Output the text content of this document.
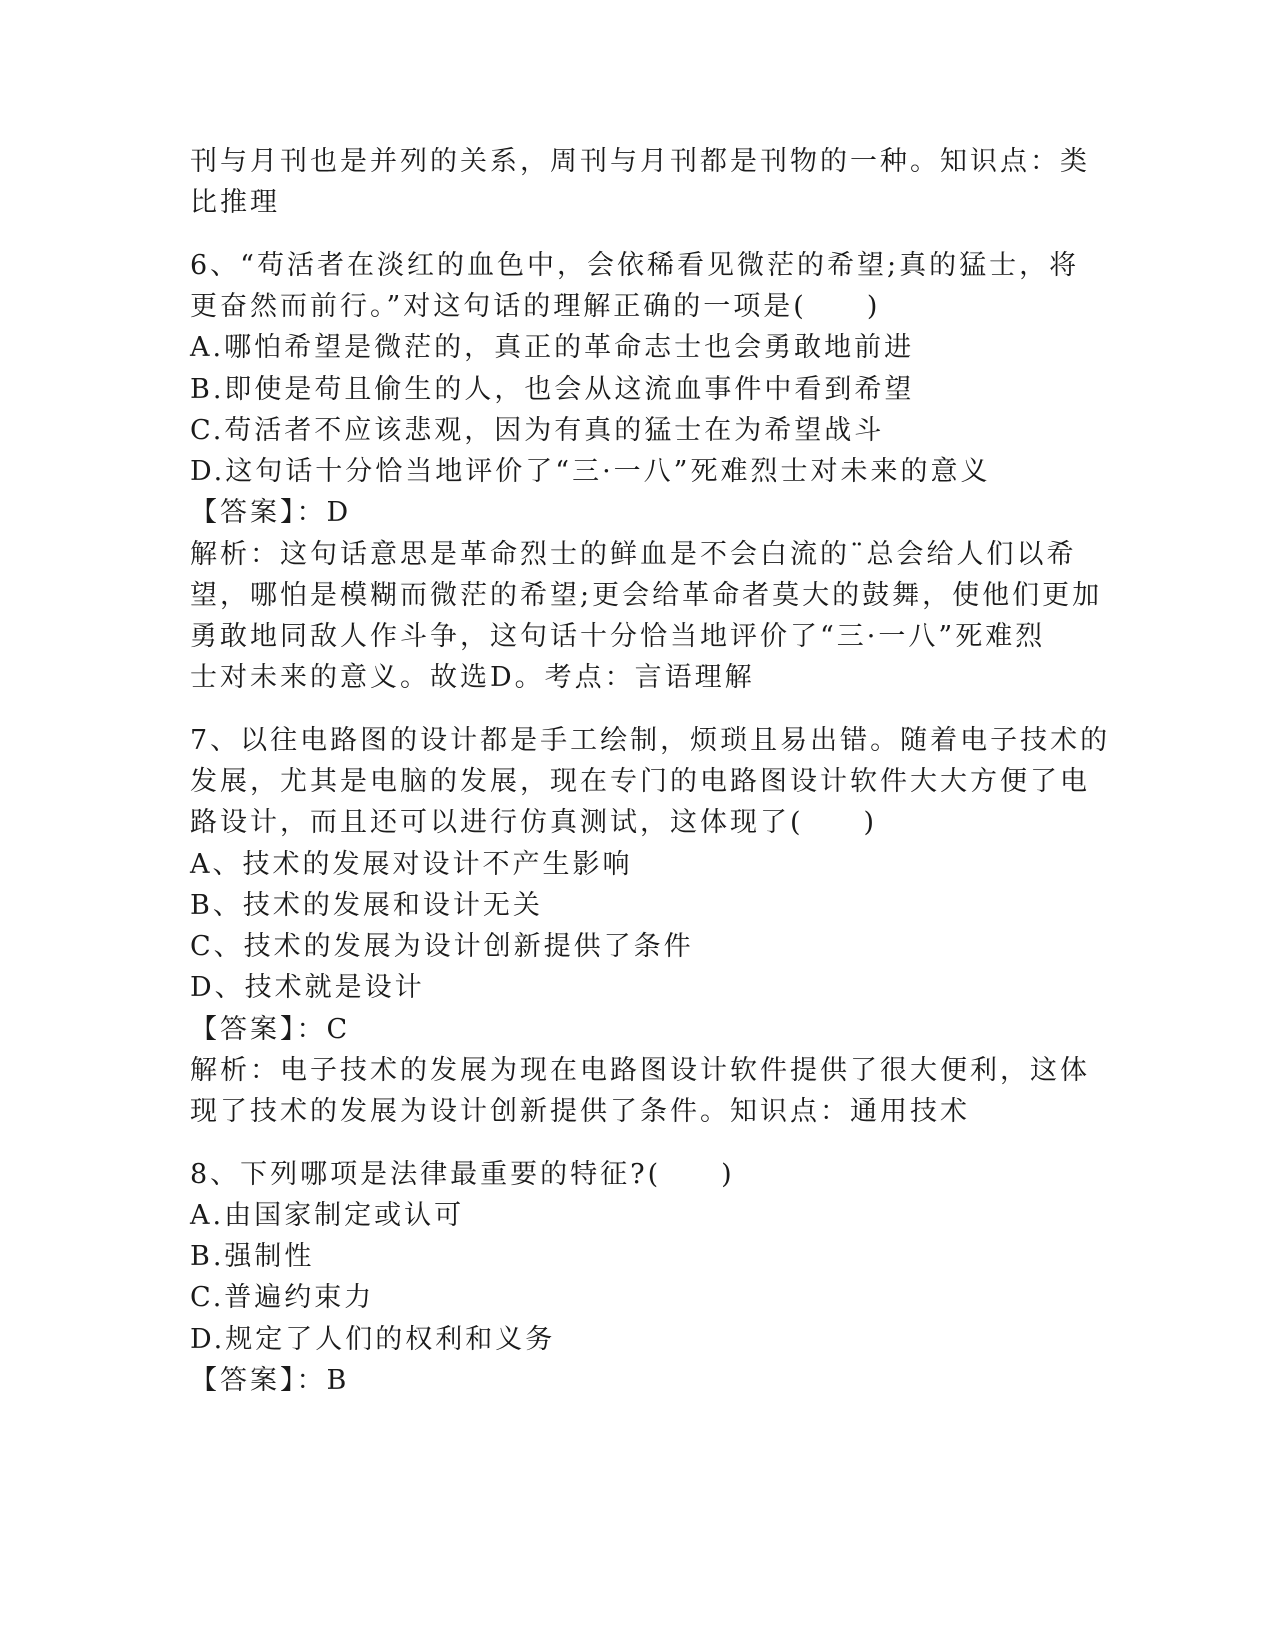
刊与月刊也是并列的关系，周刊与月刊都是刊物的一种。知识点：类
比推理
6、“苟活者在淡红的血色中，会依稀看见微茫的希望;真的猛士，将
更奋然而前行。”对这句话的理解正确的一项是(　　)
A.哪怕希望是微茫的，真正的革命志士也会勇敢地前进
B.即使是苟且偷生的人，也会从这流血事件中看到希望
C.苟活者不应该悲观，因为有真的猛士在为希望战斗
D.这句话十分恰当地评价了“三·一八”死难烈士对未来的意义
【答案】：D
解析：这句话意思是革命烈士的鲜血是不会白流的¨总会给人们以希
望，哪怕是模糊而微茫的希望;更会给革命者莫大的鼓舞，使他们更加
勇敢地同敌人作斗争，这句话十分恰当地评价了“三·一八”死难烈
士对未来的意义。故选D。考点：言语理解
7、以往电路图的设计都是手工绘制，烦琐且易出错。随着电子技术的
发展，尤其是电脑的发展，现在专门的电路图设计软件大大方便了电
路设计，而且还可以进行仿真测试，这体现了(　　)
A、技术的发展对设计不产生影响
B、技术的发展和设计无关
C、技术的发展为设计创新提供了条件
D、技术就是设计
【答案】：C
解析：电子技术的发展为现在电路图设计软件提供了很大便利，这体
现了技术的发展为设计创新提供了条件。知识点：通用技术
8、下列哪项是法律最重要的特征?(　　)
A.由国家制定或认可
B.强制性
C.普遍约束力
D.规定了人们的权利和义务
【答案】：B
